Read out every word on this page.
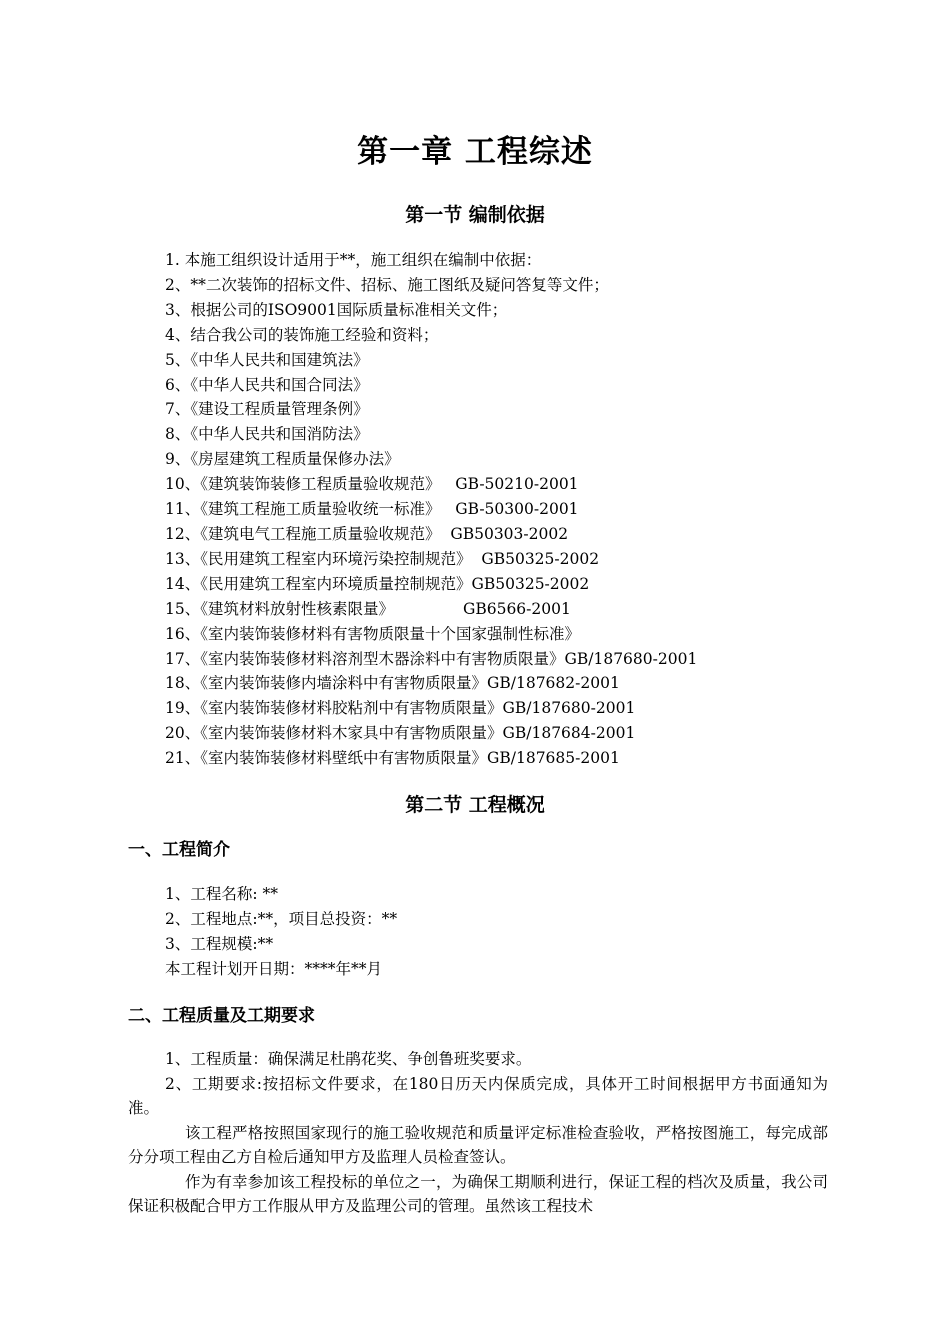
第一章 工程综述
第一节 编制依据
1. 本施工组织设计适用于**，施工组织在编制中依据：
2、**二次装饰的招标文件、招标、施工图纸及疑问答复等文件；
3、根据公司的ISO9001国际质量标准相关文件；
4、结合我公司的装饰施工经验和资料；
5、《中华人民共和国建筑法》
6、《中华人民共和国合同法》
7、《建设工程质量管理条例》
8、《中华人民共和国消防法》
9、《房屋建筑工程质量保修办法》
10、《建筑装饰装修工程质量验收规范》   GB-50210-2001
11、《建筑工程施工质量验收统一标准》   GB-50300-2001
12、《建筑电气工程施工质量验收规范》  GB50303-2002
13、《民用建筑工程室内环境污染控制规范》  GB50325-2002
14、《民用建筑工程室内环境质量控制规范》GB50325-2002
15、《建筑材料放射性核素限量》              GB6566-2001
16、《室内装饰装修材料有害物质限量十个国家强制性标准》
17、《室内装饰装修材料溶剂型木器涂料中有害物质限量》GB/187680-2001
18、《室内装饰装修内墙涂料中有害物质限量》GB/187682-2001
19、《室内装饰装修材料胶粘剂中有害物质限量》GB/187680-2001
20、《室内装饰装修材料木家具中有害物质限量》GB/187684-2001
21、《室内装饰装修材料壁纸中有害物质限量》GB/187685-2001
第二节 工程概况
一、工程简介
1、工程名称: **
2、工程地点:**，项目总投资：**
3、工程规模:**
本工程计划开日期：****年**月
二、工程质量及工期要求

1、工程质量：确保满足杜鹃花奖、争创鲁班奖要求。

2、工期要求:按招标文件要求，在180日历天内保质完成，具体开工时间根据甲方书面通知为准。

该工程严格按照国家现行的施工验收规范和质量评定标准检查验收，严格按图施工，每完成部分分项工程由乙方自检后通知甲方及监理人员检查签认。

作为有幸参加该工程投标的单位之一，为确保工期顺利进行，保证工程的档次及质量，我公司保证积极配合甲方工作服从甲方及监理公司的管理。虽然该工程技术
